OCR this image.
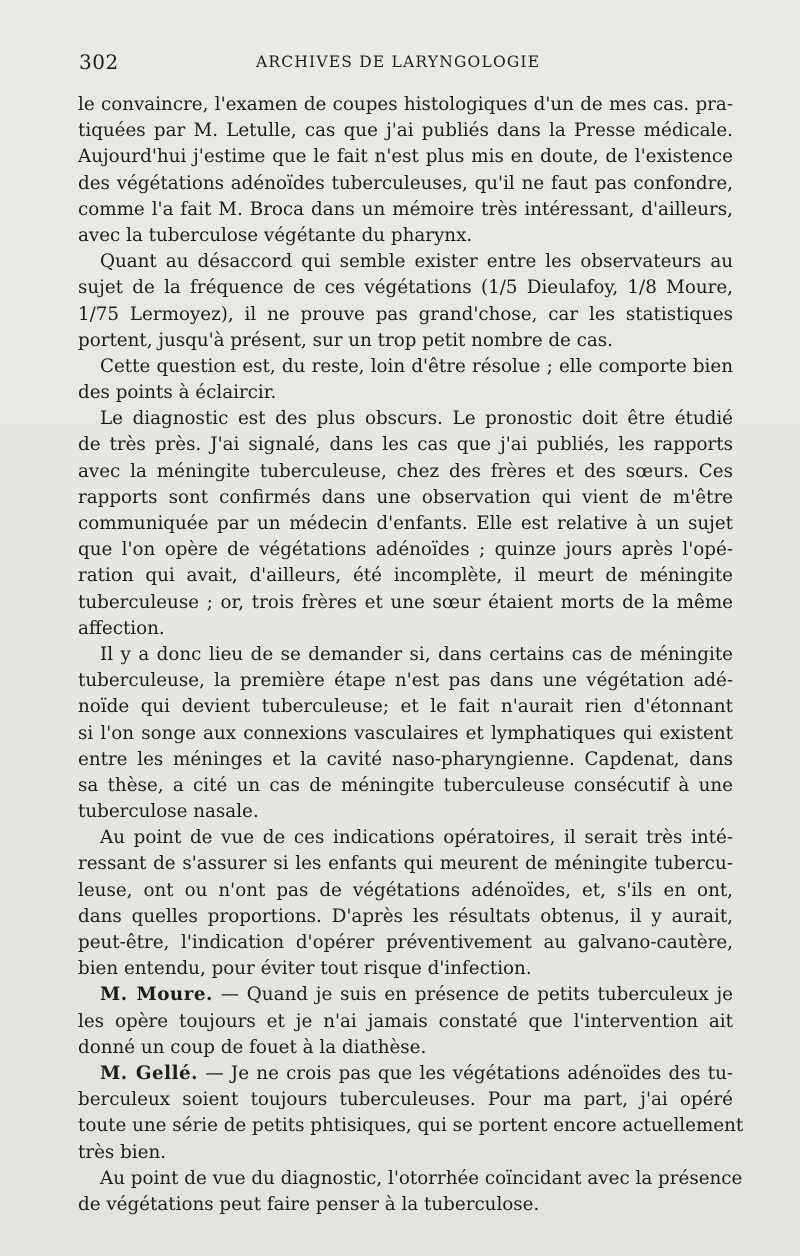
302	ARCHIVES DE LARYNGOLOGIE
le convaincre, l'examen de coupes histologiques d'un de mes cas. pra-
tiquées par M. Letulle, cas que j'ai publiés dans la Presse médicale.
Aujourd'hui j'estime que le fait n'est plus mis en doute, de l'existence
des végétations adénoïdes tuberculeuses, qu'il ne faut pas confondre,
comme l'a fait M. Broca dans un mémoire très intéressant, d'ailleurs,
avec la tuberculose végétante du pharynx.
Quant au désaccord qui semble exister entre les observateurs au
sujet de la fréquence de ces végétations (1/5 Dieulafoy, 1/8 Moure,
1/75 Lermoyez), il ne prouve pas grand'chose, car les statistiques
portent, jusqu'à présent, sur un trop petit nombre de cas.
Cette question est, du reste, loin d'être résolue ; elle comporte bien
des points à éclaircir.
Le diagnostic est des plus obscurs. Le pronostic doit être étudié
de très près. J'ai signalé, dans les cas que j'ai publiés, les rapports
avec la méningite tuberculeuse, chez des frères et des sœurs. Ces
rapports sont confirmés dans une observation qui vient de m'être
communiquée par un médecin d'enfants. Elle est relative à un sujet
que l'on opère de végétations adénoïdes ; quinze jours après l'opé-
ration qui avait, d'ailleurs, été incomplète, il meurt de méningite
tuberculeuse ; or, trois frères et une sœur étaient morts de la même
affection.
Il y a donc lieu de se demander si, dans certains cas de méningite
tuberculeuse, la première étape n'est pas dans une végétation adé-
noïde qui devient tuberculeuse; et le fait n'aurait rien d'étonnant
si l'on songe aux connexions vasculaires et lymphatiques qui existent
entre les méninges et la cavité naso-pharyngienne. Capdenat, dans
sa thèse, a cité un cas de méningite tuberculeuse consécutif à une
tuberculose nasale.
Au point de vue de ces indications opératoires, il serait très inté-
ressant de s'assurer si les enfants qui meurent de méningite tubercu-
leuse, ont ou n'ont pas de végétations adénoïdes, et, s'ils en ont,
dans quelles proportions. D'après les résultats obtenus, il y aurait,
peut-être, l'indication d'opérer préventivement au galvano-cautère,
bien entendu, pour éviter tout risque d'infection.
M. Moure. — Quand je suis en présence de petits tuberculeux je
les opère toujours et je n'ai jamais constaté que l'intervention ait
donné un coup de fouet à la diathèse.
M. Gellé. — Je ne crois pas que les végétations adénoïdes des tu-
berculeux soient toujours tuberculeuses. Pour ma part, j'ai opéré
toute une série de petits phtisiques, qui se portent encore actuellement
très bien.
Au point de vue du diagnostic, l'otorrhée coïncidant avec la présence
de végétations peut faire penser à la tuberculose.
